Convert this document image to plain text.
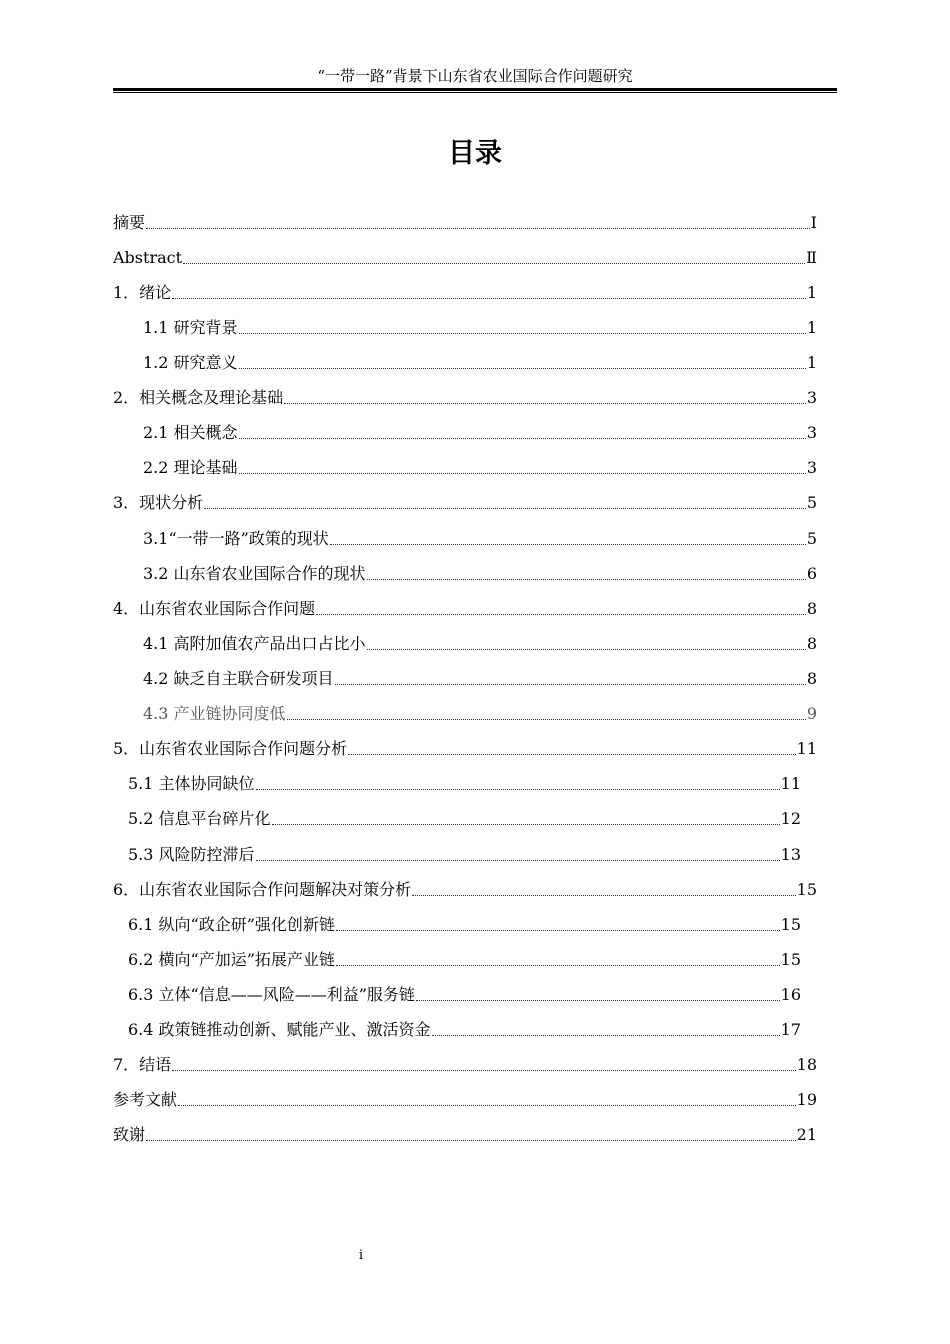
“一带一路”背景下山东省农业国际合作问题研究
目录
摘要	Ⅰ
Abstract	Ⅱ
1．绪论	1
1.1 研究背景	1
1.2 研究意义	1
2．相关概念及理论基础	3
2.1 相关概念	3
2.2 理论基础	3
3．现状分析	5
3.1“一带一路”政策的现状	5
3.2 山东省农业国际合作的现状	6
4．山东省农业国际合作问题	8
4.1 高附加值农产品出口占比小	8
4.2 缺乏自主联合研发项目	8
4.3 产业链协同度低	9
5．山东省农业国际合作问题分析	11
5.1 主体协同缺位	11
5.2 信息平台碎片化	12
5.3 风险防控滞后	13
6．山东省农业国际合作问题解决对策分析	15
6.1 纵向“政企研”强化创新链	15
6.2 横向“产加运”拓展产业链	15
6.3 立体“信息——风险——利益”服务链	16
6.4 政策链推动创新、赋能产业、激活资金	17
7．结语	18
参考文献	19
致谢	21
i
